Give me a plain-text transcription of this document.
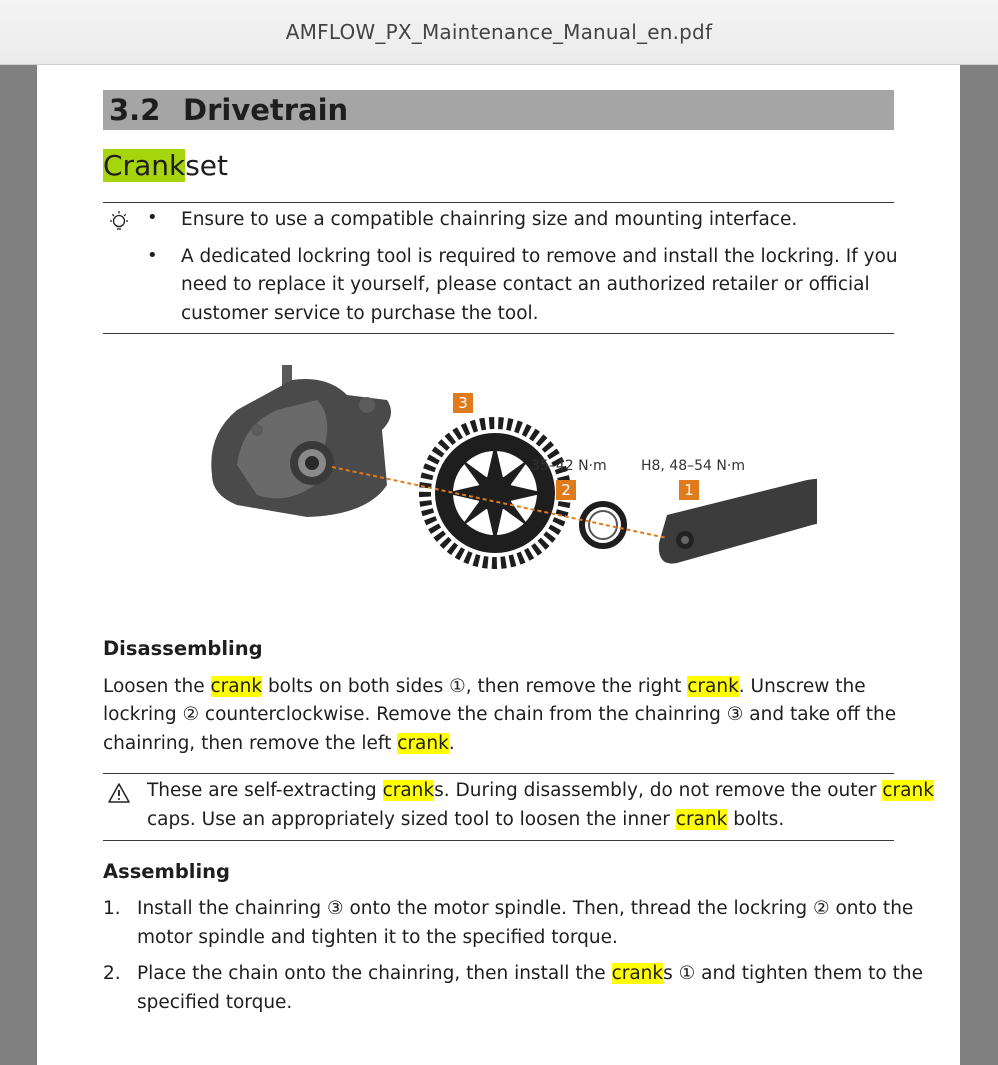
AMFLOW_PX_Maintenance_Manual_en.pdf
3.2 Drivetrain
Crankset
• Ensure to use a compatible chainring size and mounting interface.
• A dedicated lockring tool is required to remove and install the lockring. If you
need to replace it yourself, please contact an authorized retailer or official
customer service to purchase the tool.
3
2	1
35–42 N·m H8, 48–54 N·m
Disassembling
Loosen the crank bolts on both sides ①, then remove the right crank. Unscrew the
lockring ② counterclockwise. Remove the chain from the chainring ③ and take off the
chainring, then remove the left crank.
These are self-extracting cranks. During disassembly, do not remove the outer crank
caps. Use an appropriately sized tool to loosen the inner crank bolts.
Assembling
1. Install the chainring ③ onto the motor spindle. Then, thread the lockring ② onto the
motor spindle and tighten it to the specified torque.
2. Place the chain onto the chainring, then install the cranks ① and tighten them to the
specified torque.
